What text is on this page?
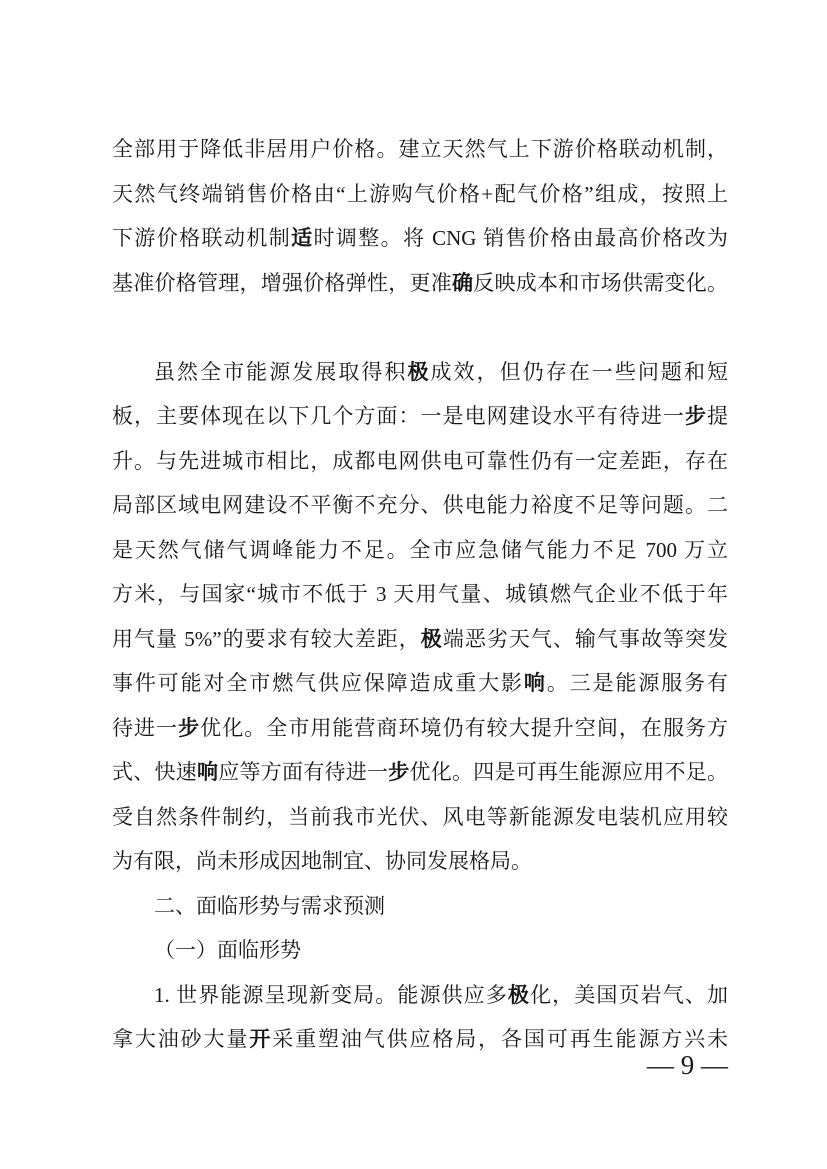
全部用于降低非居用户价格。建立天然气上下游价格联动机制，
天然气终端销售价格由“上游购气价格+配气价格”组成，按照上
下游价格联动机制适时调整。将 CNG 销售价格由最高价格改为
基准价格管理，增强价格弹性，更准确反映成本和市场供需变化。
虽然全市能源发展取得积极成效，但仍存在一些问题和短
板，主要体现在以下几个方面：一是电网建设水平有待进一步提
升。与先进城市相比，成都电网供电可靠性仍有一定差距，存在
局部区域电网建设不平衡不充分、供电能力裕度不足等问题。二
是天然气储气调峰能力不足。全市应急储气能力不足 700 万立
方米，与国家“城市不低于 3 天用气量、城镇燃气企业不低于年
用气量 5%”的要求有较大差距，极端恶劣天气、输气事故等突发
事件可能对全市燃气供应保障造成重大影响。三是能源服务有
待进一步优化。全市用能营商环境仍有较大提升空间，在服务方
式、快速响应等方面有待进一步优化。四是可再生能源应用不足。
受自然条件制约，当前我市光伏、风电等新能源发电装机应用较
为有限，尚未形成因地制宜、协同发展格局。
二、面临形势与需求预测
（一）面临形势
1. 世界能源呈现新变局。能源供应多极化，美国页岩气、加
拿大油砂大量开采重塑油气供应格局，各国可再生能源方兴未
— 9 —
